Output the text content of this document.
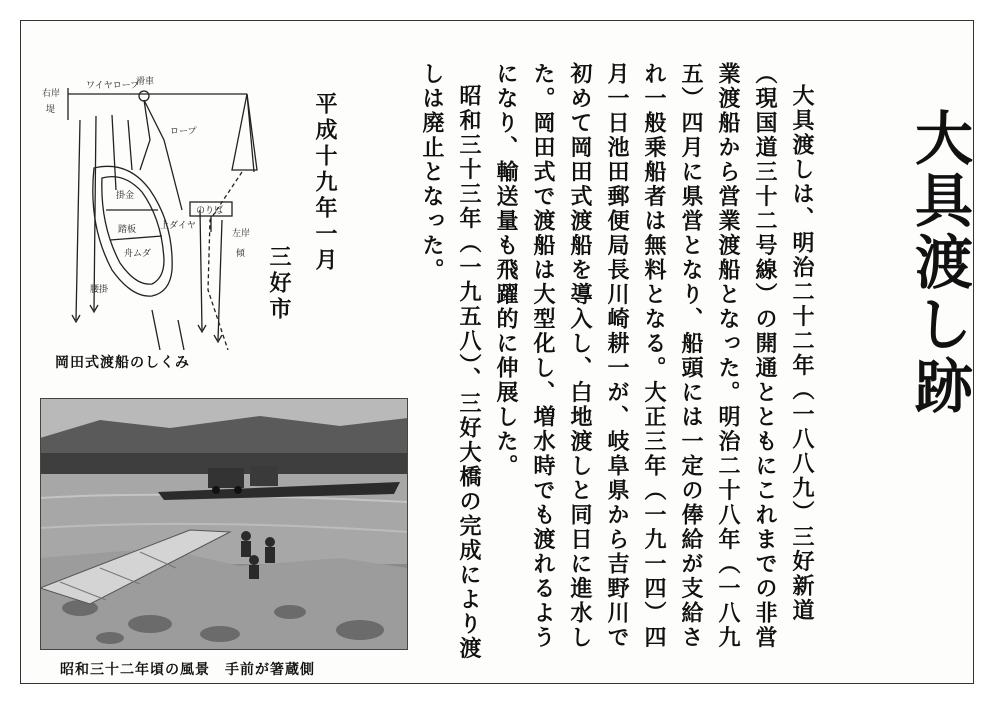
大具渡し跡

大具渡しは、明治二十二年（一八八九）三好新道（現国道三十二号線）の開通とともにこれまでの非営業渡船から営業渡船となった。明治二十八年（一八九五）四月に県営となり、船頭には一定の俸給が支給され一般乗船者は無料となる。大正三年（一九一四）四月一日池田郵便局長川崎耕一が、岐阜県から吉野川で初めて岡田式渡船を導入し、白地渡しと同日に進水した。岡田式で渡船は大型化し、増水時でも渡れるようになり、輸送量も飛躍的に伸展した。

昭和三十三年（一九五八）、三好大橋の完成により渡しは廃止となった。

平成十九年一月
三好市
右岸
堤
ワイヤロープ
滑車
ロープ
掛金
踏板
舟ムダ
上ダイヤ
のりば
左岸
傾
腰掛
岡田式渡船のしくみ
昭和三十二年頃の風景　手前が箸蔵側
